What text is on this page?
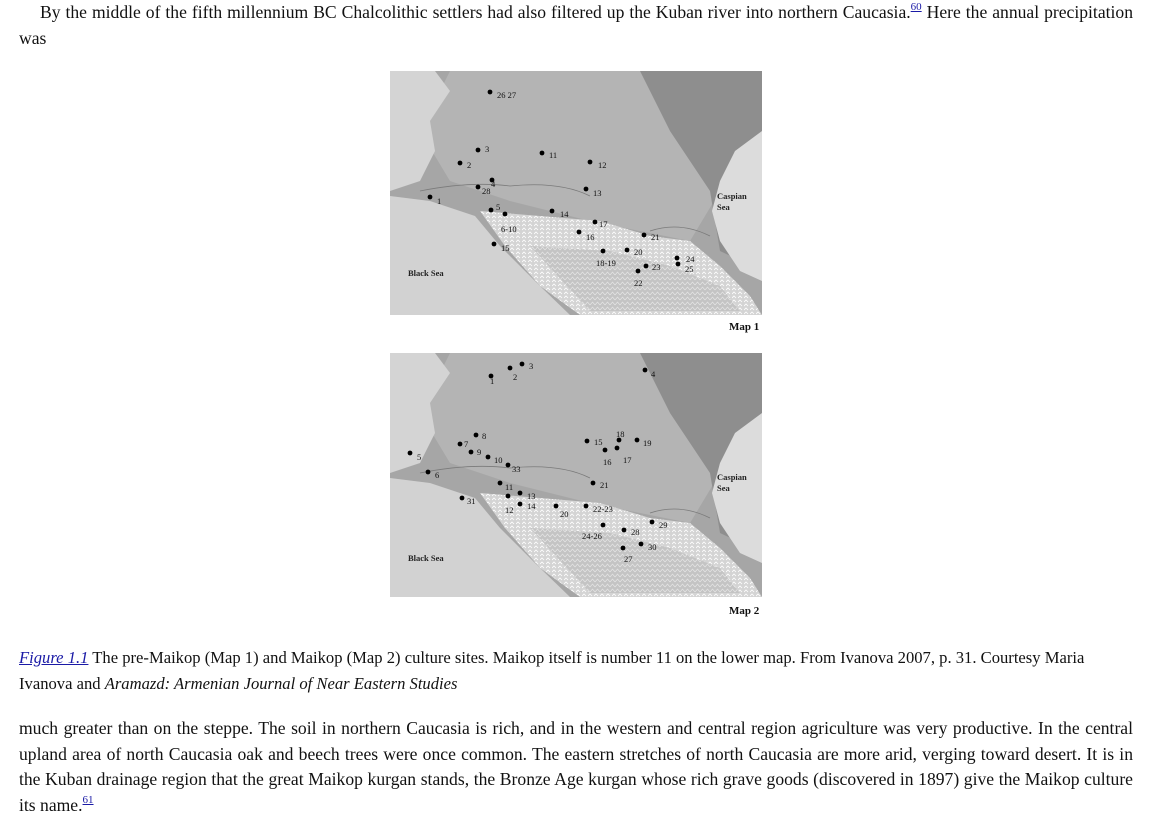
By the middle of the fifth millennium BC Chalcolithic settlers had also filtered up the Kuban river into northern Caucasia.$^{60}$ Here the annual precipitation was

1
2
3
4
5
6-10
11
12
13
14
15
16
17
18-19
20
21
22
23
24
25
26 27
28
Black Sea
Caspian
Sea
Map 1
1 2
3
4
5
6
7
8
9
10
11
12
13
14
15
16 17
18
19
20
21
22-23
24-26
27
28
29
30
31
33
Black Sea
Caspian
Sea
Map 2

Figure 1.1 The pre-Maikop (Map 1) and Maikop (Map 2) culture sites. Maikop itself is number 11 on the lower map. From Ivanova 2007, p. 31. Courtesy Maria Ivanova and Aramazd: Armenian Journal of Near Eastern Studies

much greater than on the steppe. The soil in northern Caucasia is rich, and in the western and central region agriculture was very productive. In the central upland area of north Caucasia oak and beech trees were once common. The eastern stretches of north Caucasia are more arid, verging toward desert. It is in the Kuban drainage region that the great Maikop kurgan stands, the Bronze Age kurgan whose rich grave goods (discovered in 1897) give the Maikop culture its name.$^{61}$
